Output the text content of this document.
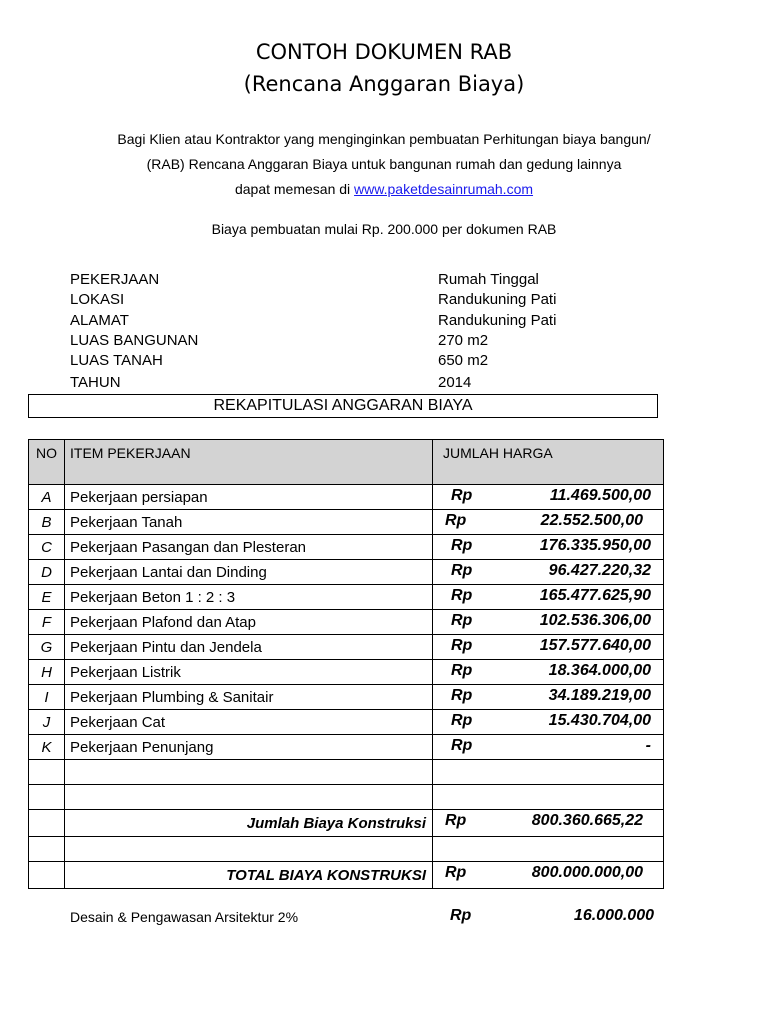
CONTOH DOKUMEN RAB
(Rencana Anggaran Biaya)
Bagi Klien atau Kontraktor yang menginginkan pembuatan Perhitungan biaya bangun/
(RAB) Rencana Anggaran Biaya untuk bangunan rumah dan gedung lainnya
dapat memesan di www.paketdesainrumah.com
Biaya pembuatan mulai Rp. 200.000 per dokumen RAB
PEKERJAAN	Rumah Tinggal
LOKASI	Randukuning Pati
ALAMAT	Randukuning Pati
LUAS BANGUNAN	270 m2
LUAS TANAH	650 m2
TAHUN	2014
REKAPITULASI ANGGARAN BIAYA
NO	ITEM PEKERJAAN	JUMLAH HARGA
A	Pekerjaan persiapan	Rp 11.469.500,00

B	Pekerjaan Tanah	Rp 22.552.500,00

C	Pekerjaan Pasangan dan Plesteran	Rp 176.335.950,00

D	Pekerjaan Lantai dan Dinding	Rp 96.427.220,32

E	Pekerjaan Beton 1 : 2 : 3	Rp 165.477.625,90

F	Pekerjaan Plafond dan Atap	Rp 102.536.306,00

G	Pekerjaan Pintu dan Jendela	Rp 157.577.640,00

H	Pekerjaan Listrik	Rp 18.364.000,00

I	Pekerjaan Plumbing & Sanitair	Rp 34.189.219,00

J	Pekerjaan Cat	Rp 15.430.704,00

K	Pekerjaan Penunjang	Rp -

	Jumlah Biaya Konstruksi	Rp 800.360.665,22

	TOTAL BIAYA KONSTRUKSI	Rp 800.000.000,00
Desain & Pengawasan Arsitektur 2%	Rp	16.000.000
